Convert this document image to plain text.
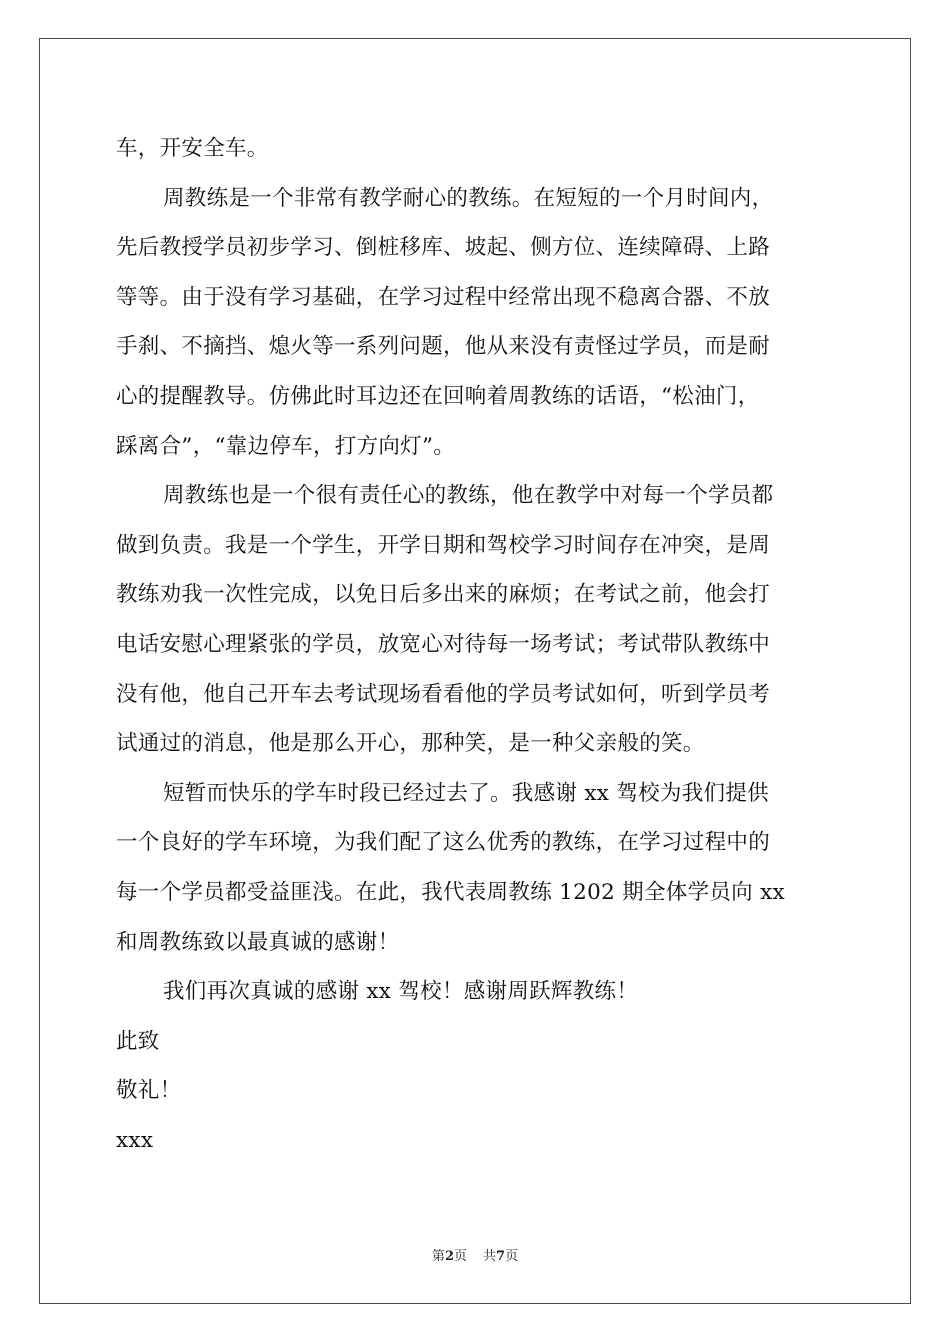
车，开安全车。
周教练是一个非常有教学耐心的教练。在短短的一个月时间内，
先后教授学员初步学习、倒桩移库、坡起、侧方位、连续障碍、上路
等等。由于没有学习基础，在学习过程中经常出现不稳离合器、不放
手刹、不摘挡、熄火等一系列问题，他从来没有责怪过学员，而是耐
心的提醒教导。仿佛此时耳边还在回响着周教练的话语，“松油门，
踩离合”，“靠边停车，打方向灯”。
周教练也是一个很有责任心的教练，他在教学中对每一个学员都
做到负责。我是一个学生，开学日期和驾校学习时间存在冲突，是周
教练劝我一次性完成，以免日后多出来的麻烦；在考试之前，他会打
电话安慰心理紧张的学员，放宽心对待每一场考试；考试带队教练中
没有他，他自己开车去考试现场看看他的学员考试如何，听到学员考
试通过的消息，他是那么开心，那种笑，是一种父亲般的笑。
短暂而快乐的学车时段已经过去了。我感谢 xx 驾校为我们提供
一个良好的学车环境，为我们配了这么优秀的教练，在学习过程中的
每一个学员都受益匪浅。在此，我代表周教练 1202 期全体学员向 xx
和周教练致以最真诚的感谢！
我们再次真诚的感谢 xx 驾校！感谢周跃辉教练！
此致
敬礼！
xxx
第2页 共7页
